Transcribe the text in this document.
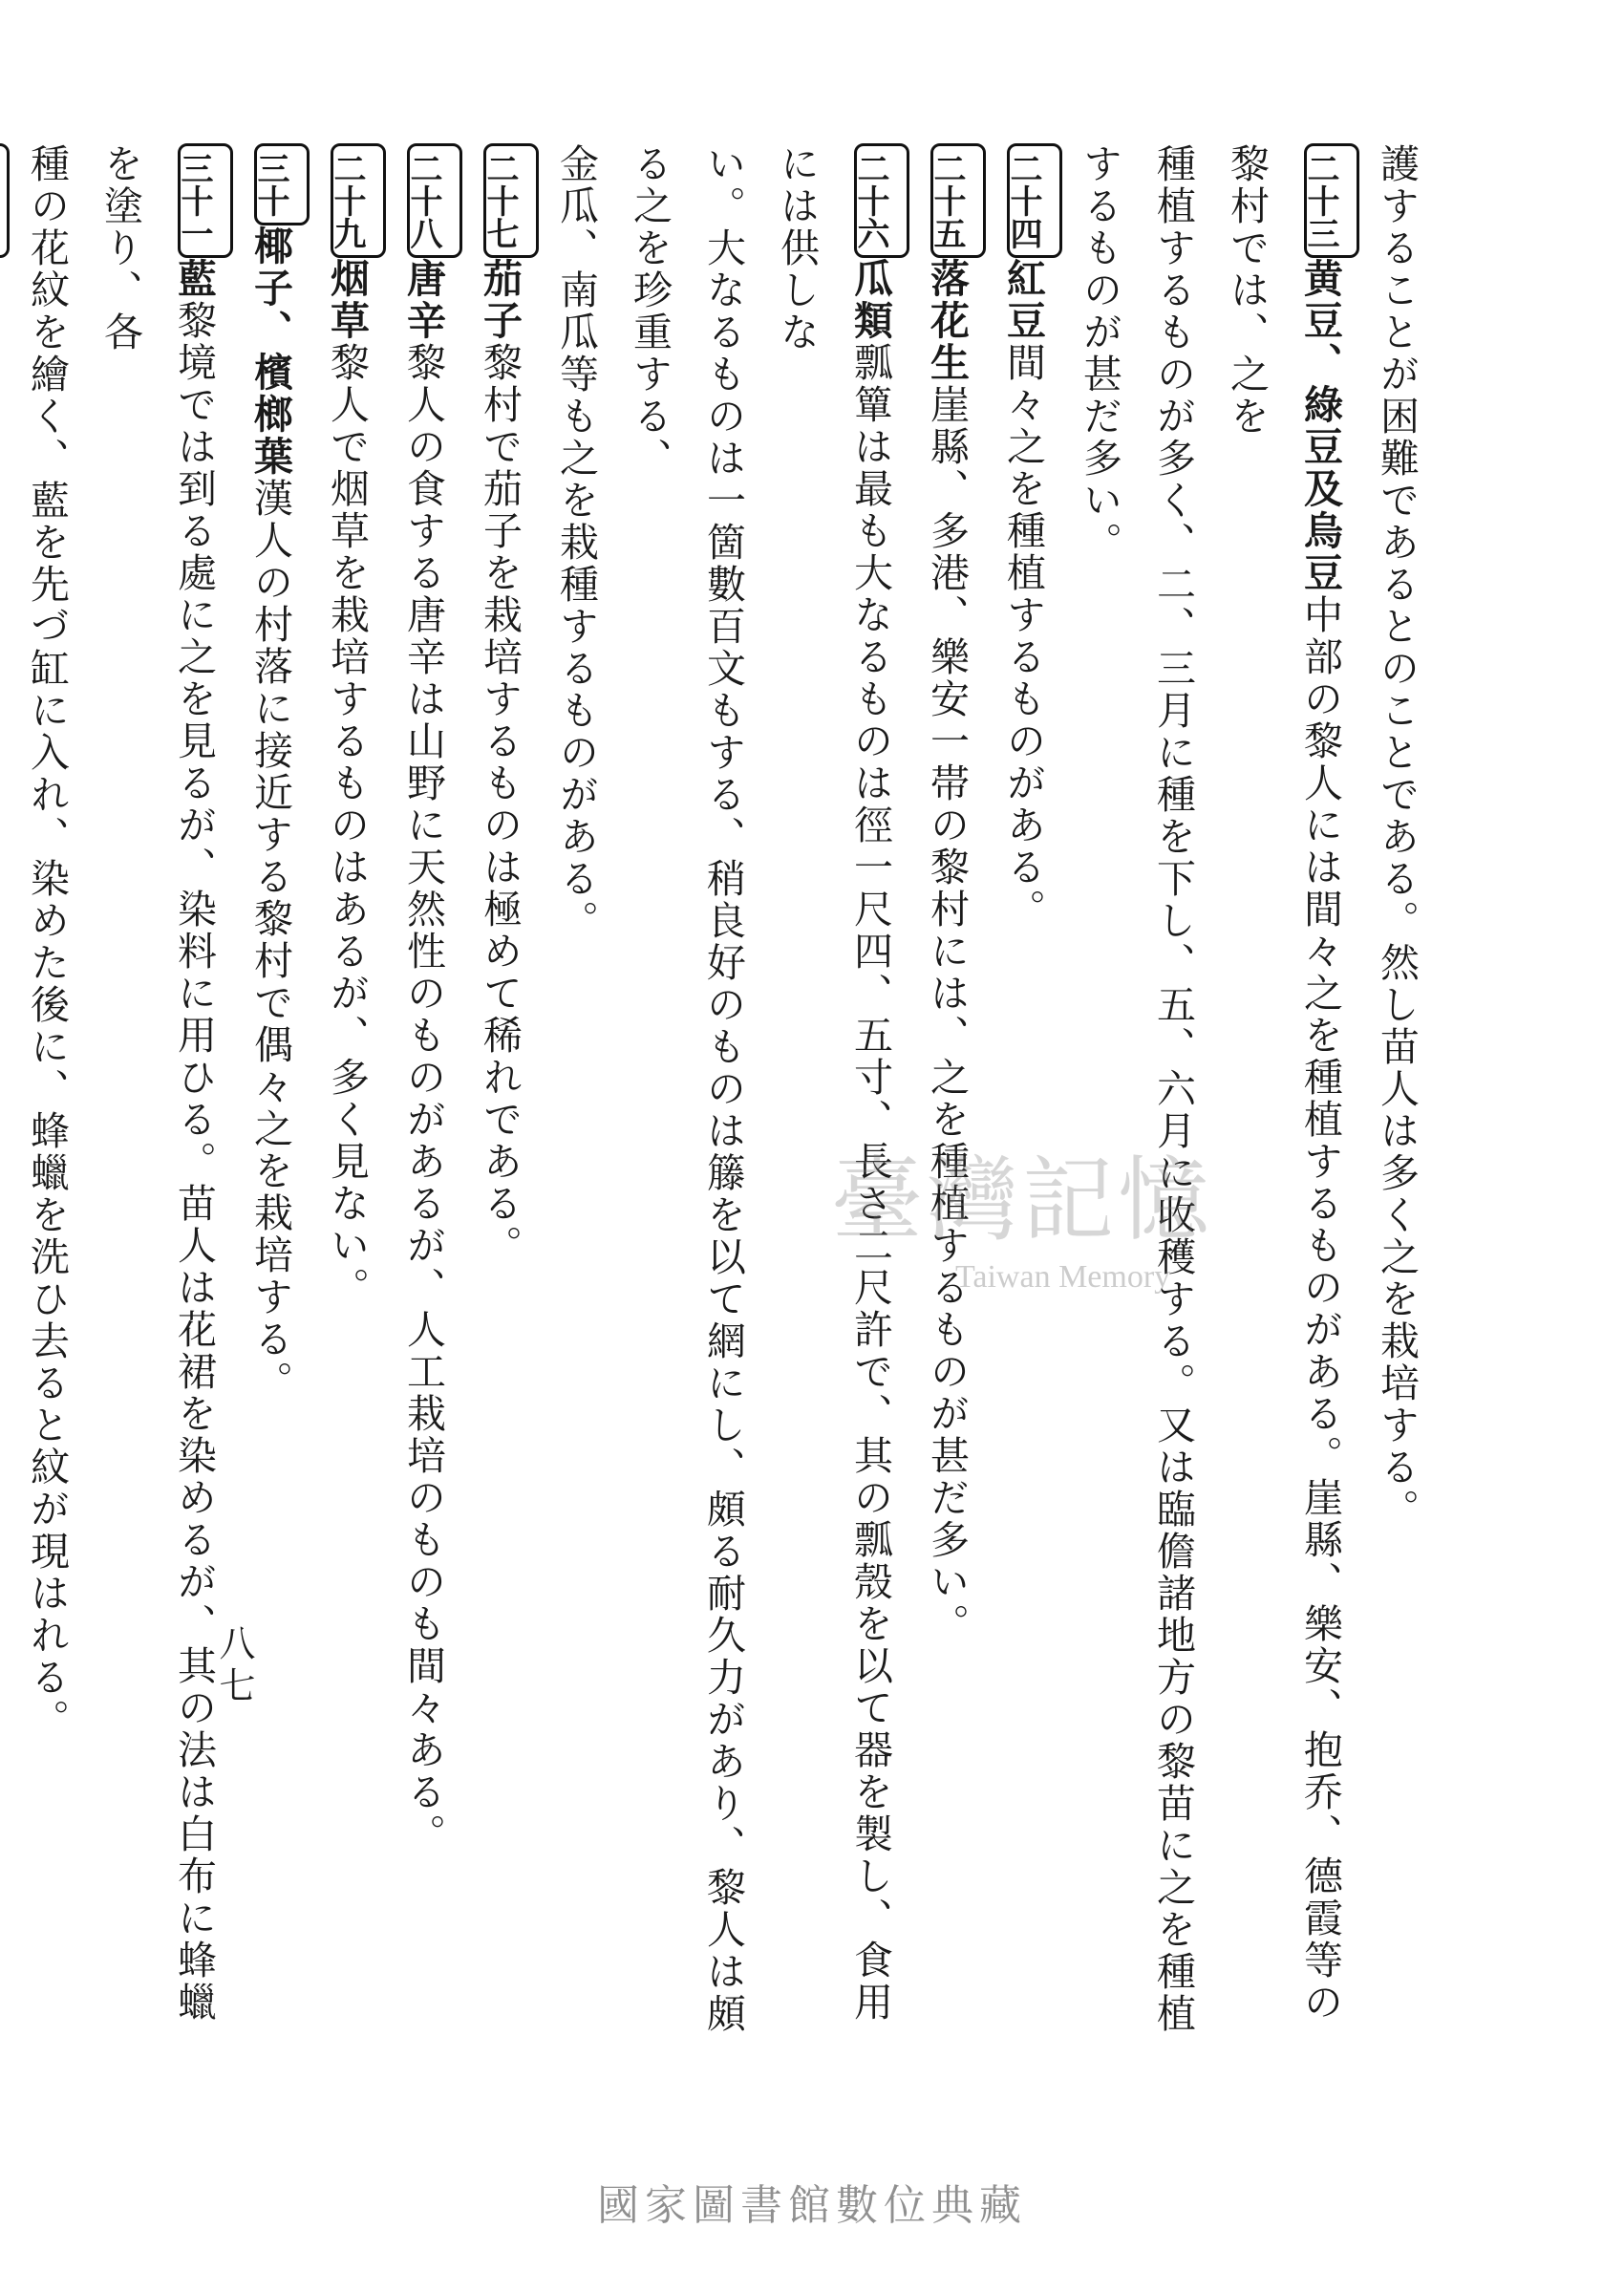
護することが困難であるとのことである。然し苗人は多く之を栽培する。

二十三黄豆、綠豆及烏豆中部の黎人には間々之を種植するものがある。崖縣、樂安、抱乔、德霞等の黎村では、之を

種植するものが多く、二、三月に種を下し、五、六月に收穫する。又は臨儋諸地方の黎苗に之を種植するものが甚だ多い。

二十四紅豆間々之を種植するものがある。

二十五落花生崖縣、多港、樂安一帯の黎村には、之を種植するものが甚だ多い。

二十六瓜類瓢簞は最も大なるものは徑一尺四、五寸、長さ二尺許で、其の瓢殼を以て器を製し、食用には供しな

い。大なるものは一箇數百文もする、稍良好のものは籐を以て網にし、頗る耐久力があり、黎人は頗る之を珍重する、

金瓜、南瓜等も之を栽種するものがある。

二十七茄子黎村で茄子を栽培するものは極めて稀れである。

二十八唐辛黎人の食する唐辛は山野に天然性のものがあるが、人工栽培のものも間々ある。

二十九烟草黎人で烟草を栽培するものはあるが、多く見ない。

三十椰子、檳榔葉漢人の村落に接近する黎村で偶々之を栽培する。

三十一藍黎境では到る處に之を見るが、染料に用ひる。苗人は花裙を染めるが、其の法は白布に蜂蠟を塗り、各

種の花紋を繪く、藍を先づ缸に入れ、染めた後に、蜂蠟を洗ひ去ると紋が現はれる。	八七
臺灣記憶
Taiwan Memory
國家圖書館數位典藏
